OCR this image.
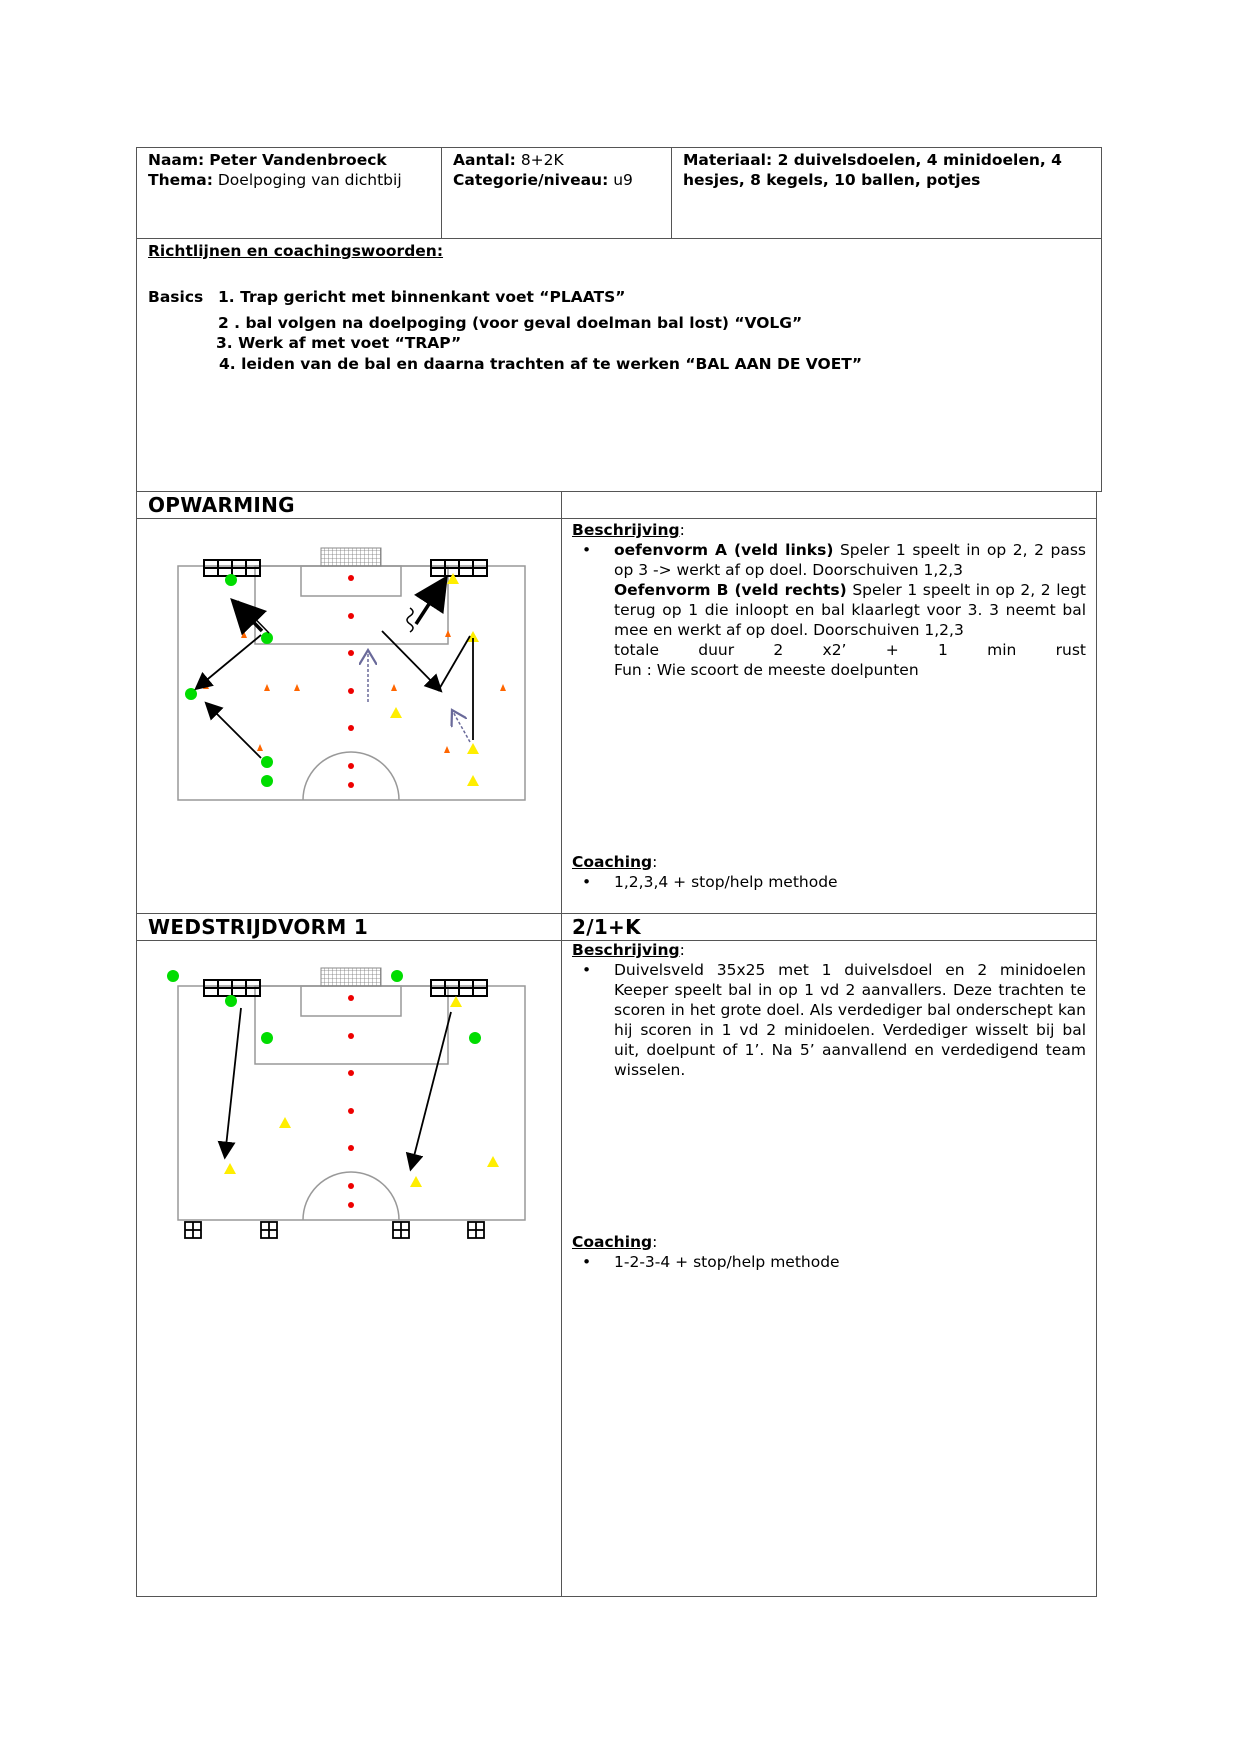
Naam: Peter Vandenbroeck
Thema: Doelpoging van dichtbij
Aantal: 8+2K
Categorie/niveau: u9
Materiaal: 2 duivelsdoelen, 4 minidoelen, 4
hesjes, 8 kegels, 10 ballen, potjes
Richtlijnen en coachingswoorden:
Basics 1. Trap gericht met binnenkant voet “PLAATS”
2 . bal volgen na doelpoging (voor geval doelman bal lost) “VOLG”
3. Werk af met voet “TRAP”
4. leiden van de bal en daarna trachten af te werken “BAL AAN DE VOET”
OPWARMING
Beschrijving:
• oefenvorm A (veld links) Speler 1 speelt in op 2, 2 pass op 3 -> werkt af op doel. Doorschuiven 1,2,3
Oefenvorm B (veld rechts) Speler 1 speelt in op 2, 2 legt terug op 1 die inloopt en bal klaarlegt voor 3. 3 neemt bal mee en werkt af op doel. Doorschuiven 1,2,3

totale duur 2 x2’ + 1 min rust
Fun : Wie scoort de meeste doelpunten
Coaching:
• 1,2,3,4 + stop/help methode
WEDSTRIJDVORM 1	2/1+K
Beschrijving:
• Duivelsveld 35x25 met 1 duivelsdoel en 2 minidoelen Keeper speelt bal in op 1 vd 2 aanvallers. Deze trachten te scoren in het grote doel. Als verdediger bal onderschept kan hij scoren in 1 vd 2 minidoelen. Verdediger wisselt bij bal uit, doelpunt of 1’. Na 5’ aanvallend en verdedigend team wisselen.
Coaching:
• 1-2-3-4 + stop/help methode
